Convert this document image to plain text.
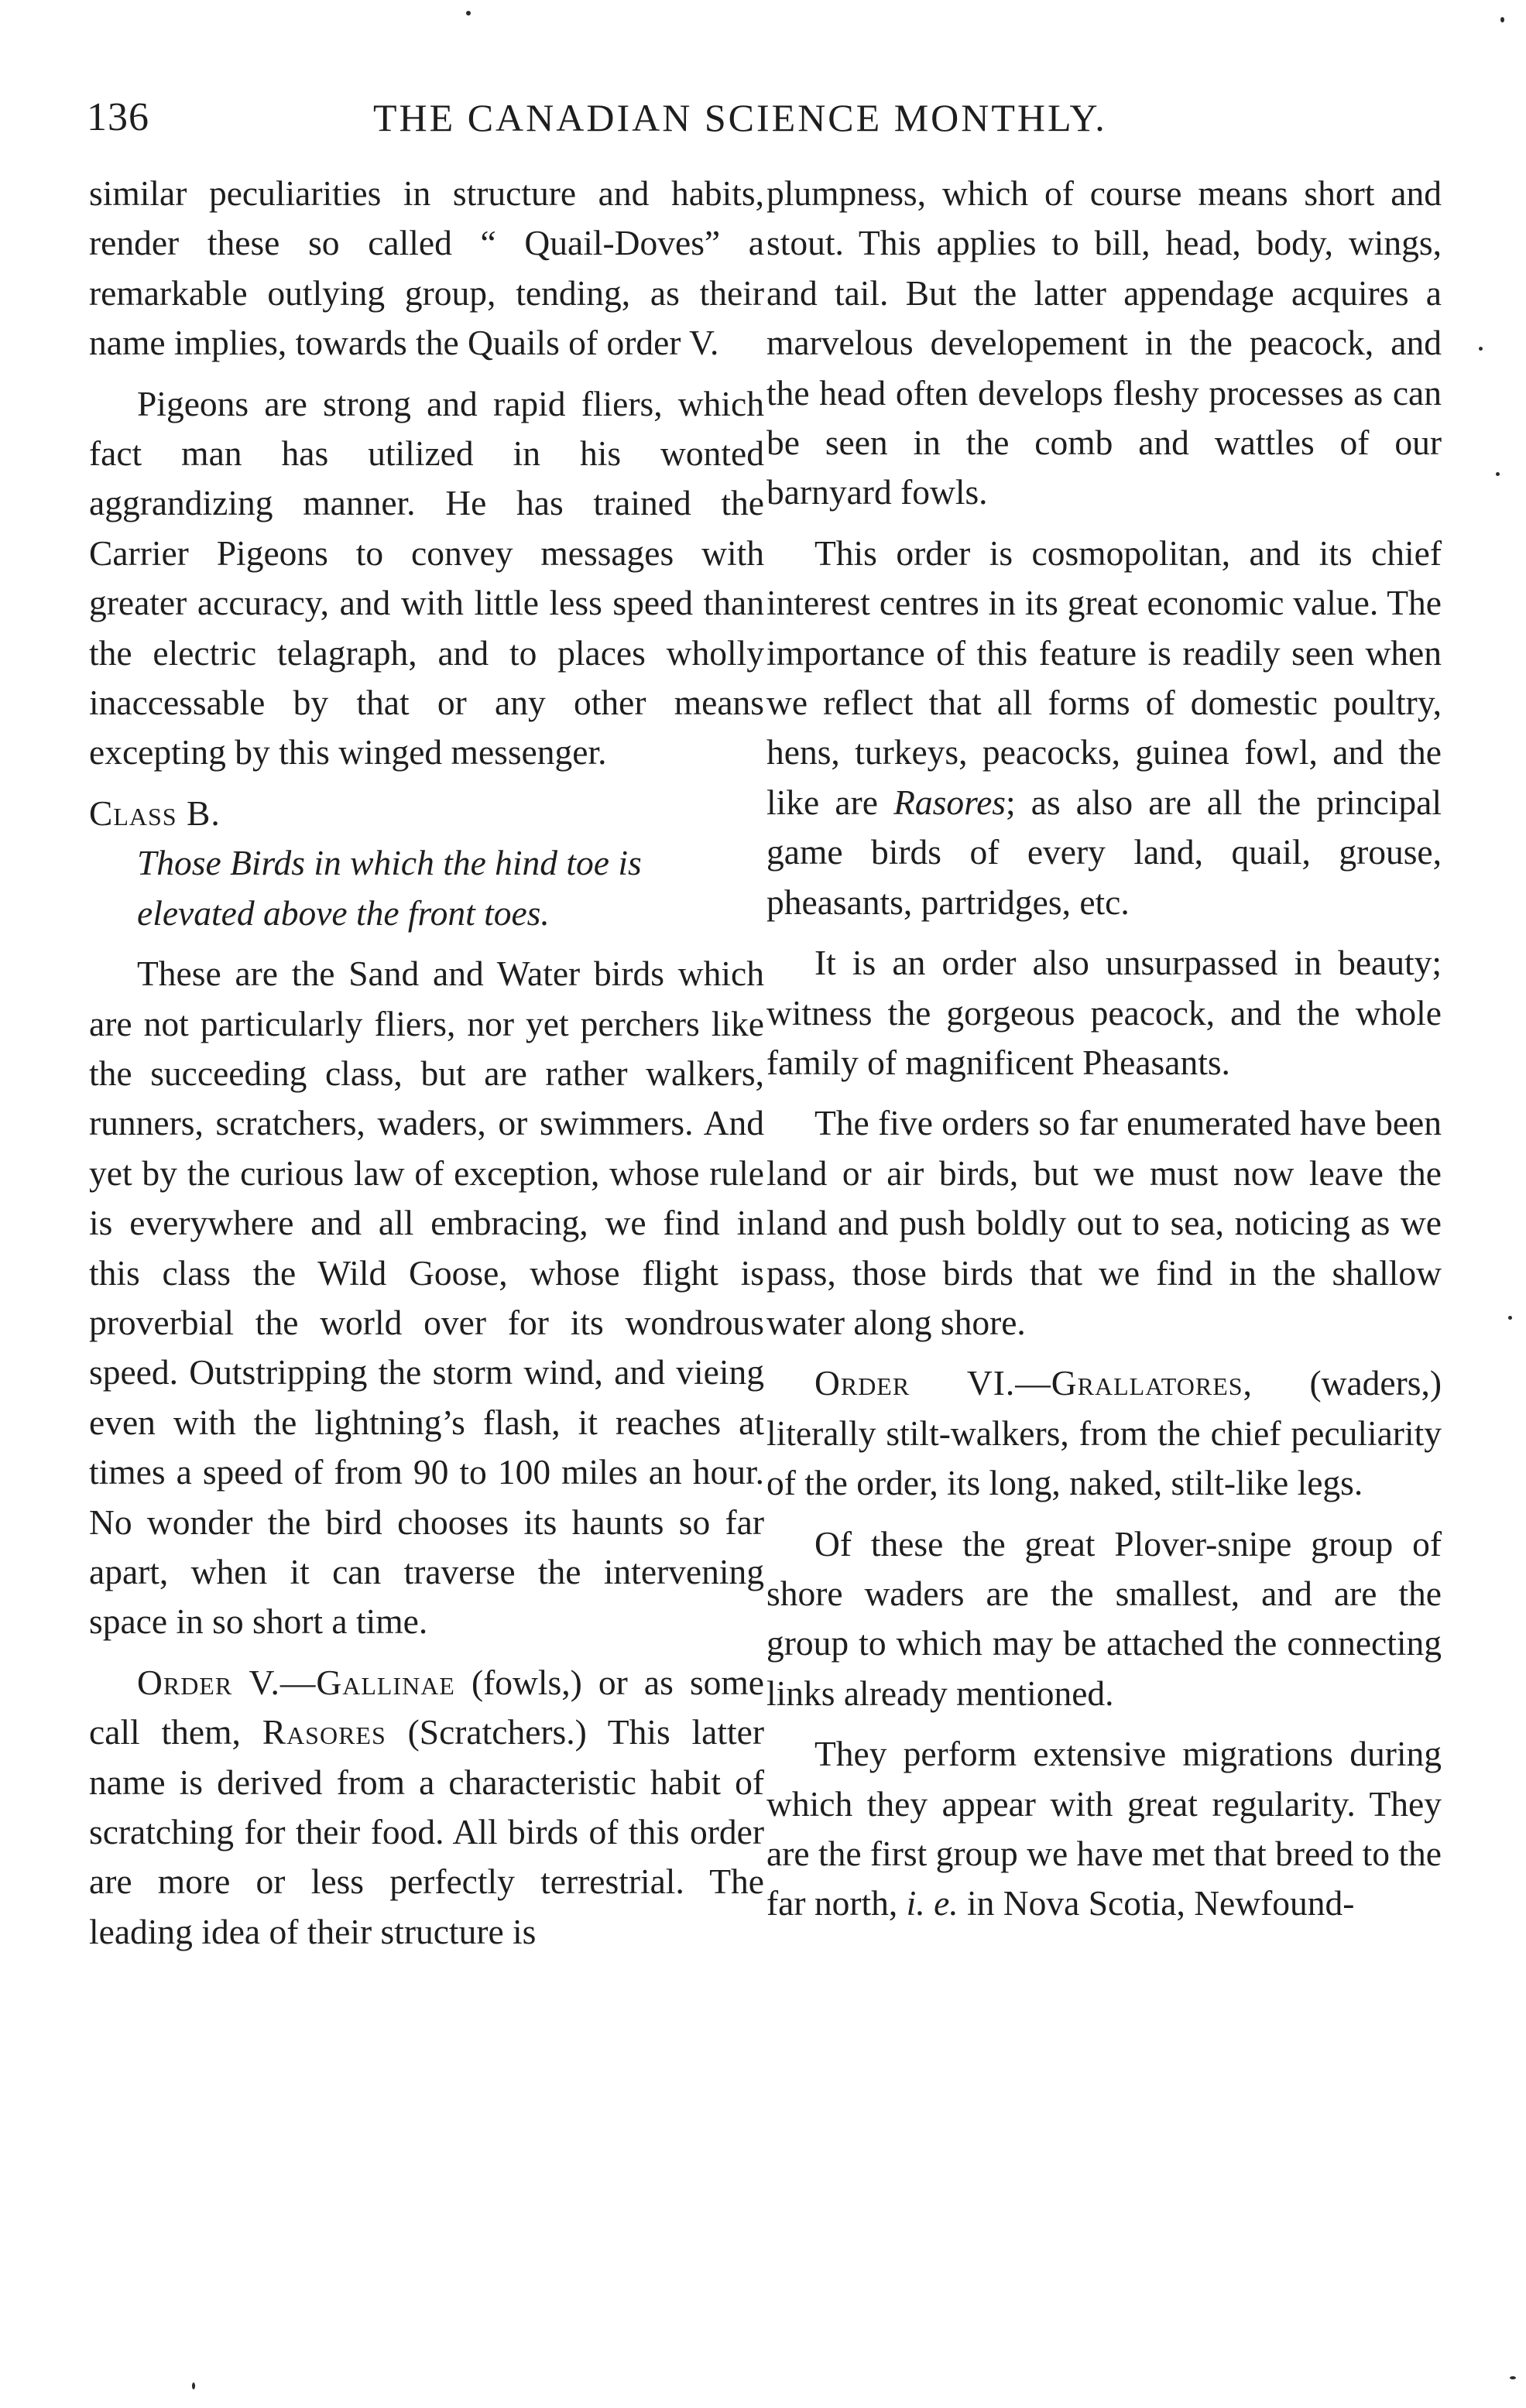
136	THE CANADIAN SCIENCE MONTHLY.

similar peculiarities in structure and habits, render these so called “ Quail-Doves” a remarkable outlying group, tending, as their name implies, towards the Quails of order V.

Pigeons are strong and rapid fliers, which fact man has utilized in his wonted aggrandizing manner. He has trained the Carrier Pigeons to convey messages with greater accuracy, and with little less speed than the electric telagraph, and to places wholly inaccessable by that or any other means excepting by this winged messenger.

Class B.
Those Birds in which the hind toe is elevated above the front toes.

These are the Sand and Water birds which are not particularly fliers, nor yet perchers like the succeeding class, but are rather walkers, runners, scratchers, waders, or swimmers. And yet by the curious law of exception, whose rule is everywhere and all embracing, we find in this class the Wild Goose, whose flight is proverbial the world over for its wondrous speed. Outstripping the storm wind, and vieing even with the lightning’s flash, it reaches at times a speed of from 90 to 100 miles an hour. No wonder the bird chooses its haunts so far apart, when it can traverse the intervening space in so short a time.

Order V.—Gallinae (fowls,) or as some call them, Rasores (Scratchers.) This latter name is derived from a characteristic habit of scratching for their food. All birds of this order are more or less perfectly terrestrial. The leading idea of their structure is

plumpness, which of course means short and stout. This applies to bill, head, body, wings, and tail. But the latter appendage acquires a marvelous developement in the peacock, and the head often develops fleshy processes as can be seen in the comb and wattles of our barnyard fowls.

This order is cosmopolitan, and its chief interest centres in its great economic value. The importance of this feature is readily seen when we reflect that all forms of domestic poultry, hens, turkeys, peacocks, guinea fowl, and the like are Rasores; as also are all the principal game birds of every land, quail, grouse, pheasants, partridges, etc.

It is an order also unsurpassed in beauty; witness the gorgeous peacock, and the whole family of magnificent Pheasants.

The five orders so far enumerated have been land or air birds, but we must now leave the land and push boldly out to sea, noticing as we pass, those birds that we find in the shallow water along shore.

Order VI.—Grallatores, (waders,) literally stilt-walkers, from the chief peculiarity of the order, its long, naked, stilt-like legs.

Of these the great Plover-snipe group of shore waders are the smallest, and are the group to which may be attached the connecting links already mentioned.

They perform extensive migrations during which they appear with great regularity. They are the first group we have met that breed to the far north, i. e. in Nova Scotia, Newfound-
